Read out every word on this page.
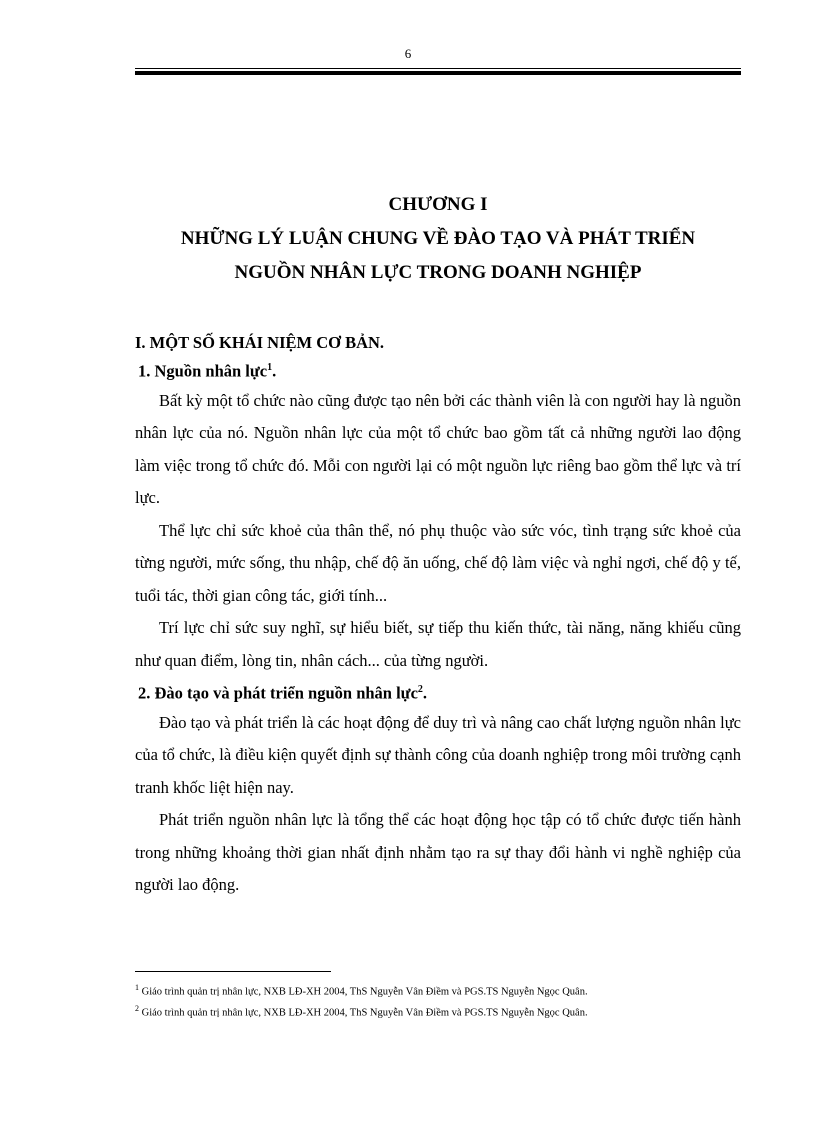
6
CHƯƠNG I
NHỮNG LÝ LUẬN CHUNG VỀ ĐÀO TẠO VÀ PHÁT TRIỂN
NGUỒN NHÂN LỰC TRONG DOANH NGHIỆP

I. MỘT SỐ KHÁI NIỆM CƠ BẢN.

1. Nguồn nhân lực$^1$.

Bất kỳ một tổ chức nào cũng được tạo nên bởi các thành viên là con người hay là nguồn nhân lực của nó. Nguồn nhân lực của một tổ chức bao gồm tất cả những người lao động làm việc trong tổ chức đó. Mỗi con người lại có một nguồn lực riêng bao gồm thể lực và trí lực.

Thể lực chỉ sức khoẻ của thân thể, nó phụ thuộc vào sức vóc, tình trạng sức khoẻ của từng người, mức sống, thu nhập, chế độ ăn uống, chế độ làm việc và nghỉ ngơi, chế độ y tế, tuổi tác, thời gian công tác, giới tính...

Trí lực chỉ sức suy nghĩ, sự hiểu biết, sự tiếp thu kiến thức, tài năng, năng khiếu cũng như quan điểm, lòng tin, nhân cách... của từng người.

2. Đào tạo và phát triển nguồn nhân lực$^2$.

Đào tạo và phát triển là các hoạt động để duy trì và nâng cao chất lượng nguồn nhân lực của tổ chức, là điều kiện quyết định sự thành công của doanh nghiệp trong môi trường cạnh tranh khốc liệt hiện nay.

Phát triển nguồn nhân lực là tổng thể các hoạt động học tập có tổ chức được tiến hành trong những khoảng thời gian nhất định nhằm tạo ra sự thay đổi hành vi nghề nghiệp của người lao động.

$^1$ Giáo trình quản trị nhân lực, NXB LĐ-XH 2004, ThS Nguyễn Vân Điềm và PGS.TS Nguyễn Ngọc Quân.
$^2$ Giáo trình quản trị nhân lực, NXB LĐ-XH 2004, ThS Nguyễn Vân Điềm và PGS.TS Nguyễn Ngọc Quân.
